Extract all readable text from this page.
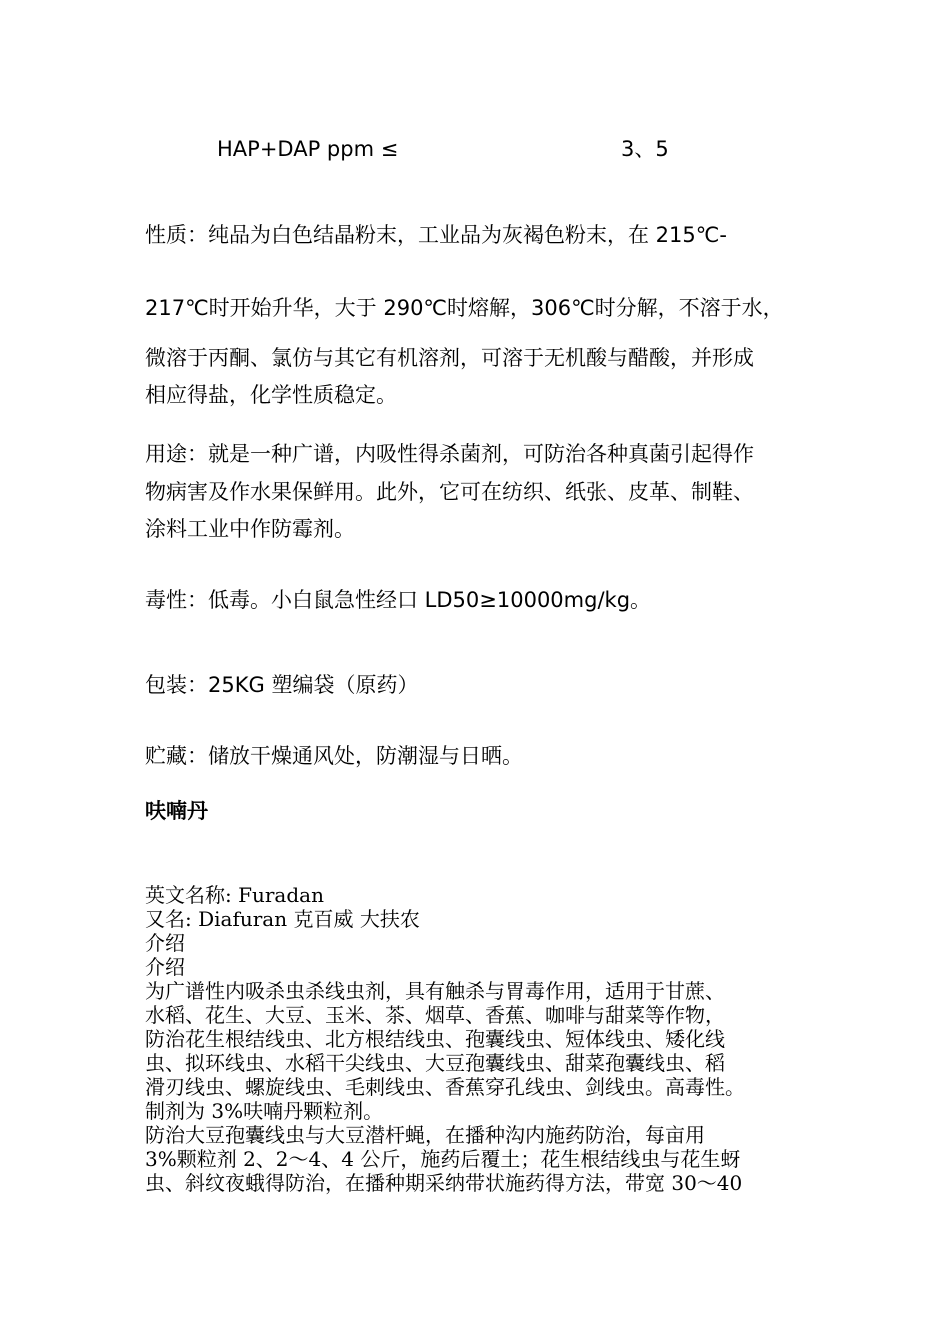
HAP+DAP ppm ≤	3、5
性质：纯品为白色结晶粉末，工业品为灰褐色粉末，在 215℃-
217℃时开始升华，大于 290℃时熔解，306℃时分解，不溶于水，
微溶于丙酮、氯仿与其它有机溶剂，可溶于无机酸与醋酸，并形成
相应得盐，化学性质稳定。
用途：就是一种广谱，内吸性得杀菌剂，可防治各种真菌引起得作
物病害及作水果保鲜用。此外，它可在纺织、纸张、皮革、制鞋、
涂料工业中作防霉剂。
毒性：低毒。小白鼠急性经口 LD50≥10000mg/kg。
包装：25KG 塑编袋（原药）
贮藏：储放干燥通风处，防潮湿与日晒。
呋喃丹
英文名称: Furadan
又名: Diafuran 克百威 大扶农
介绍
介绍
为广谱性内吸杀虫杀线虫剂，具有触杀与胃毒作用，适用于甘蔗、
水稻、花生、大豆、玉米、茶、烟草、香蕉、咖啡与甜菜等作物，
防治花生根结线虫、北方根结线虫、孢囊线虫、短体线虫、矮化线
虫、拟环线虫、水稻干尖线虫、大豆孢囊线虫、甜菜孢囊线虫、稻
滑刃线虫、螺旋线虫、毛刺线虫、香蕉穿孔线虫、剑线虫。高毒性。
制剂为 3%呋喃丹颗粒剂。
防治大豆孢囊线虫与大豆潜杆蝇，在播种沟内施药防治，每亩用
3%颗粒剂 2、2～4、4 公斤，施药后覆土；花生根结线虫与花生蚜
虫、斜纹夜蛾得防治，在播种期采纳带状施药得方法，带宽 30～40
